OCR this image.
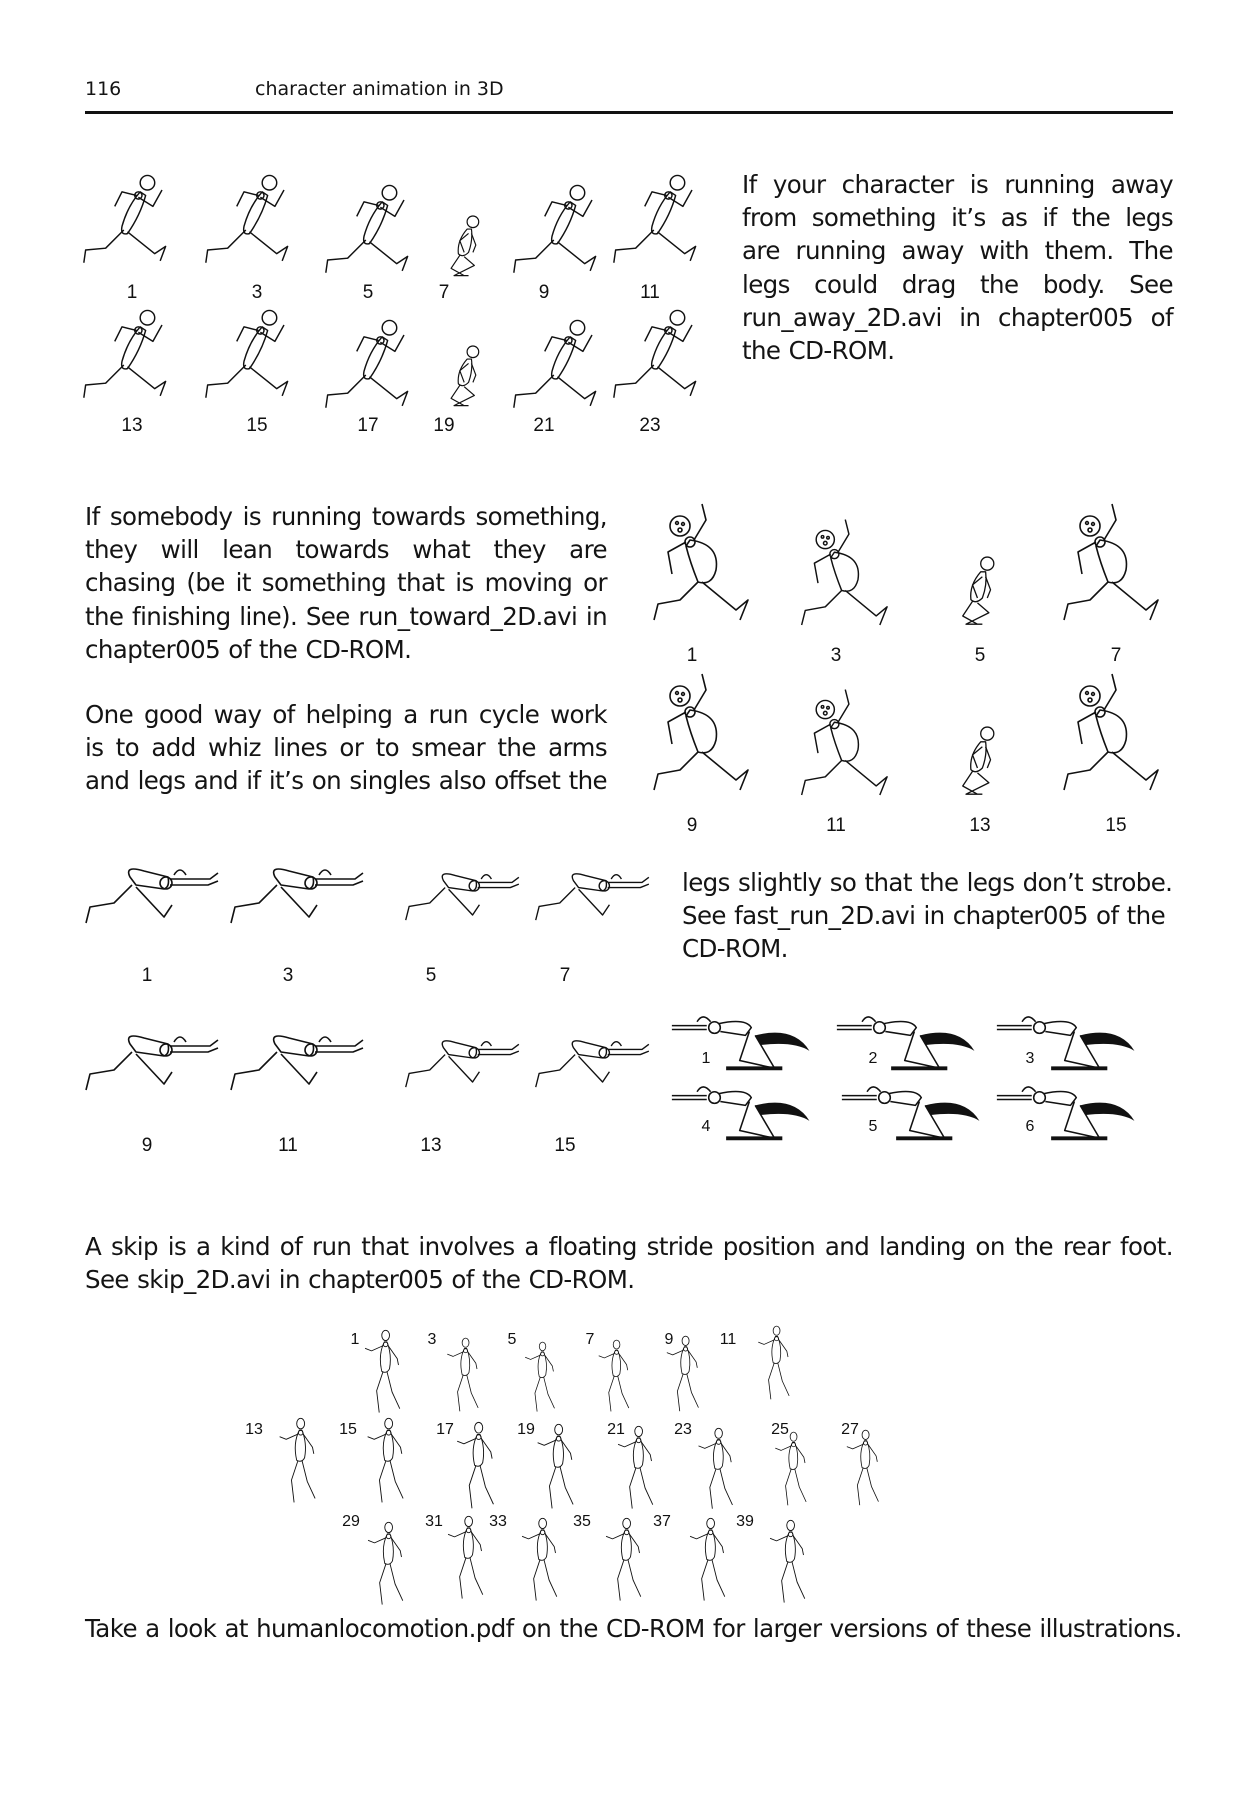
116	character animation in 3D
1	3	5	7	9	11
13	15	17	19	21	23
If your character is running away from something it’s as if the legs are running away with them. The legs could drag the body. See run_away_2D.avi in chapter005 of the CD-ROM.
If somebody is running towards something, they will lean towards what they are chasing (be it something that is moving or the finishing line). See run_toward_2D.avi in chapter005 of the CD-ROM.
One good way of helping a run cycle work is to add whiz lines or to smear the arms and legs and if it’s on singles also offset the
1	3	5	7
9	11	13	15
1	3	5	7
9	11	13	15
legs slightly so that the legs don’t strobe. See fast_run_2D.avi in chapter005 of the CD-ROM.
1	2	3
4	5	6
A skip is a kind of run that involves a floating stride position and landing on the rear foot. See skip_2D.avi in chapter005 of the CD-ROM.
1	3	5	7	9	11
13	15	17	19	21	23	25	27
29	31	33	35	37	39
Take a look at humanlocomotion.pdf on the CD-ROM for larger versions of these illustrations.
